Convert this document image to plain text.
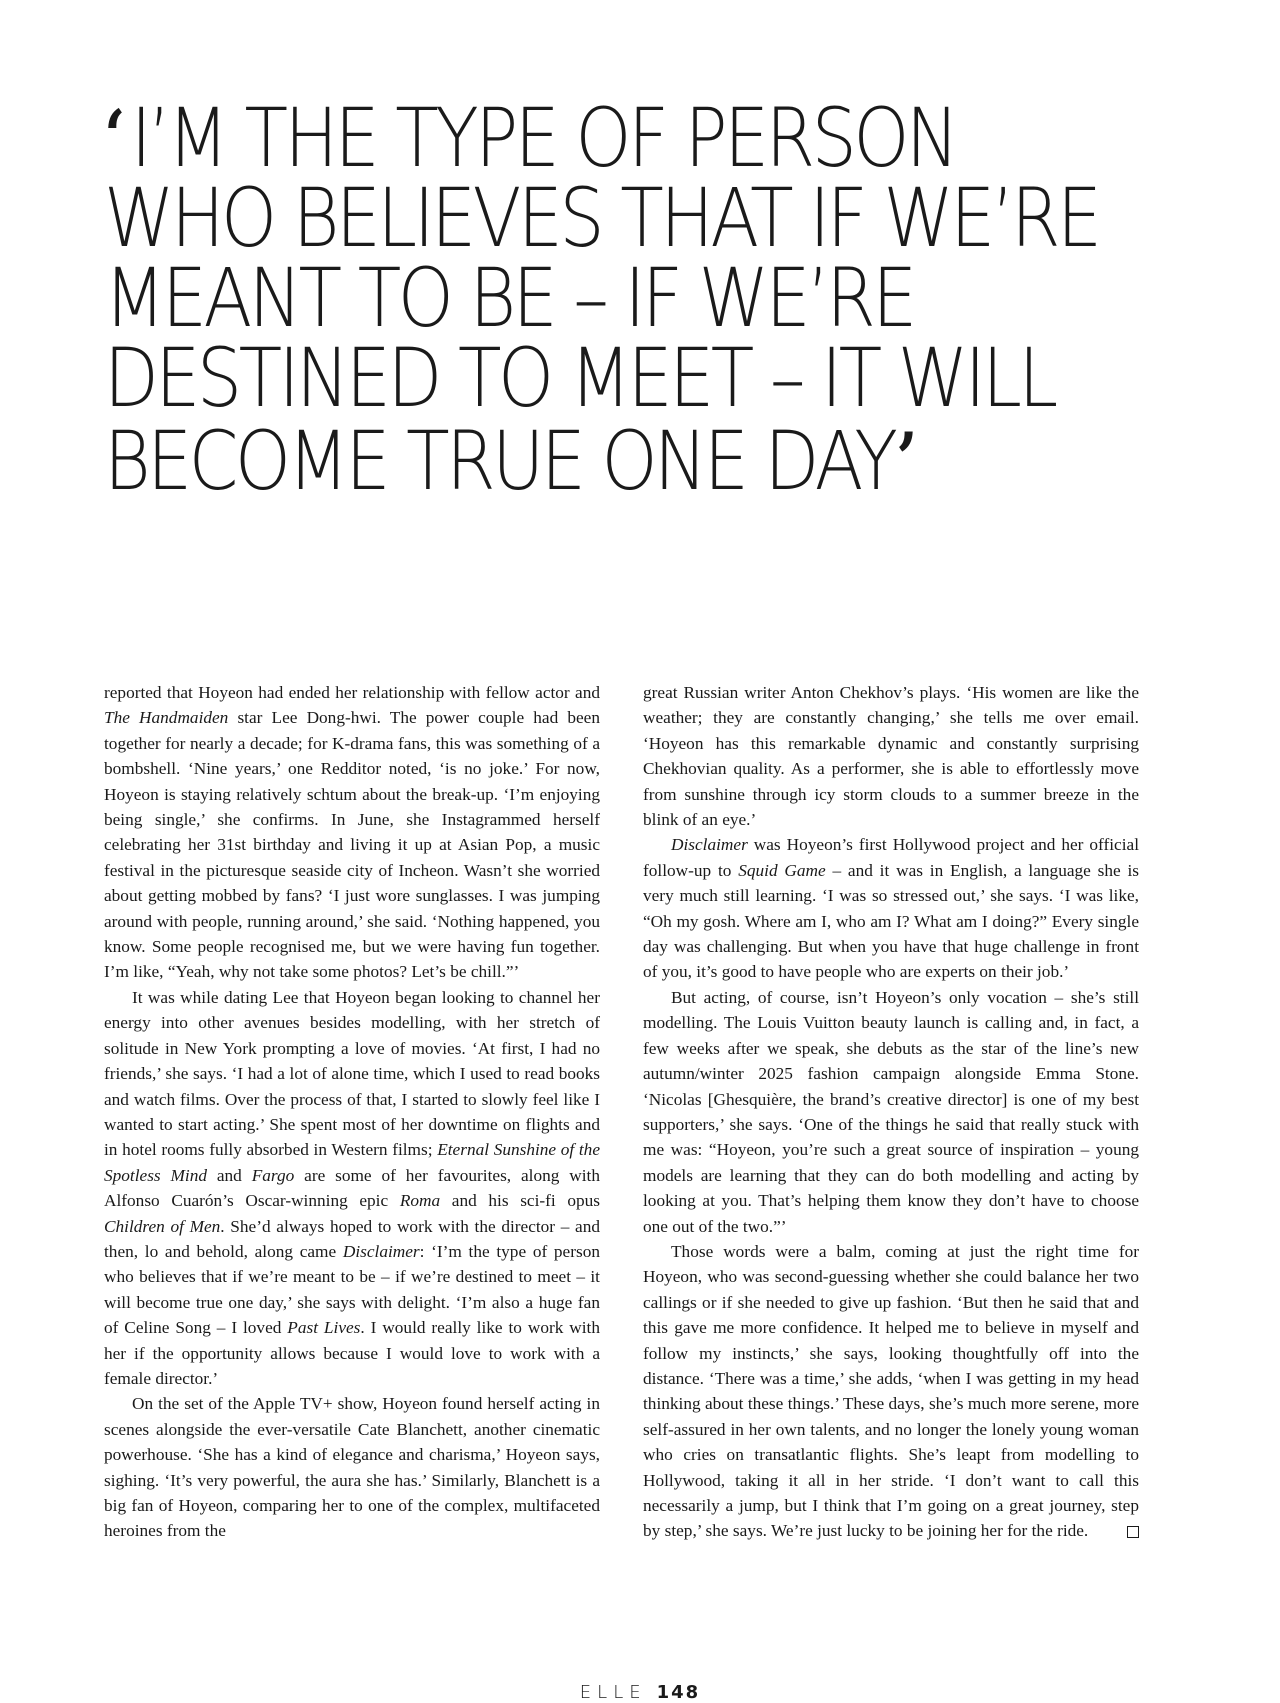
‘I’M THE TYPE OF PERSON
WHO BELIEVES THAT IF WE’RE
MEANT TO BE – IF WE’RE
DESTINED TO MEET – IT WILL
BECOME TRUE ONE DAY’

reported that Hoyeon had ended her relationship with fellow actor and The Handmaiden star Lee Dong-hwi. The power couple had been together for nearly a decade; for K-drama fans, this was something of a bombshell. ‘Nine years,’ one Redditor noted, ‘is no joke.’ For now, Hoyeon is staying relatively schtum about the break-up. ‘I’m enjoying being single,’ she confirms. In June, she Instagrammed herself celebrating her 31st birthday and living it up at Asian Pop, a music festival in the picturesque seaside city of Incheon. Wasn’t she worried about getting mobbed by fans? ‘I just wore sunglasses. I was jumping around with people, running around,’ she said. ‘Nothing happened, you know. Some people recognised me, but we were having fun together. I’m like, “Yeah, why not take some photos? Let’s be chill.”’

It was while dating Lee that Hoyeon began looking to channel her energy into other avenues besides modelling, with her stretch of solitude in New York prompting a love of movies. ‘At first, I had no friends,’ she says. ‘I had a lot of alone time, which I used to read books and watch films. Over the process of that, I started to slowly feel like I wanted to start acting.’ She spent most of her downtime on flights and in hotel rooms fully absorbed in Western films; Eternal Sunshine of the Spotless Mind and Fargo are some of her favourites, along with Alfonso Cuarón’s Oscar-winning epic Roma and his sci-fi opus Children of Men. She’d always hoped to work with the director – and then, lo and behold, along came Disclaimer: ‘I’m the type of person who believes that if we’re meant to be – if we’re destined to meet – it will become true one day,’ she says with delight. ‘I’m also a huge fan of Celine Song – I loved Past Lives. I would really like to work with her if the opportunity allows because I would love to work with a female director.’

On the set of the Apple TV+ show, Hoyeon found herself acting in scenes alongside the ever-versatile Cate Blanchett, another cinematic powerhouse. ‘She has a kind of elegance and charisma,’ Hoyeon says, sighing. ‘It’s very powerful, the aura she has.’ Similarly, Blanchett is a big fan of Hoyeon, comparing her to one of the complex, multifaceted heroines from the

great Russian writer Anton Chekhov’s plays. ‘His women are like the weather; they are constantly changing,’ she tells me over email. ‘Hoyeon has this remarkable dynamic and constantly surprising Chekhovian quality. As a performer, she is able to effortlessly move from sunshine through icy storm clouds to a summer breeze in the blink of an eye.’

Disclaimer was Hoyeon’s first Hollywood project and her official follow-up to Squid Game – and it was in English, a language she is very much still learning. ‘I was so stressed out,’ she says. ‘I was like, “Oh my gosh. Where am I, who am I? What am I doing?” Every single day was challenging. But when you have that huge challenge in front of you, it’s good to have people who are experts on their job.’

But acting, of course, isn’t Hoyeon’s only vocation – she’s still modelling. The Louis Vuitton beauty launch is calling and, in fact, a few weeks after we speak, she debuts as the star of the line’s new autumn/winter 2025 fashion campaign alongside Emma Stone. ‘Nicolas [Ghesquière, the brand’s creative director] is one of my best supporters,’ she says. ‘One of the things he said that really stuck with me was: “Hoyeon, you’re such a great source of inspiration – young models are learning that they can do both modelling and acting by looking at you. That’s helping them know they don’t have to choose one out of the two.”’

Those words were a balm, coming at just the right time for Hoyeon, who was second-guessing whether she could balance her two callings or if she needed to give up fashion. ‘But then he said that and this gave me more confidence. It helped me to believe in myself and follow my instincts,’ she says, looking thoughtfully off into the distance. ‘There was a time,’ she adds, ‘when I was getting in my head thinking about these things.’ These days, she’s much more serene, more self-assured in her own talents, and no longer the lonely young woman who cries on transatlantic flights. She’s leapt from modelling to Hollywood, taking it all in her stride. ‘I don’t want to call this necessarily a jump, but I think that I’m going on a great journey, step by step,’ she says. We’re just lucky to be joining her for the ride.

ELLE 148
